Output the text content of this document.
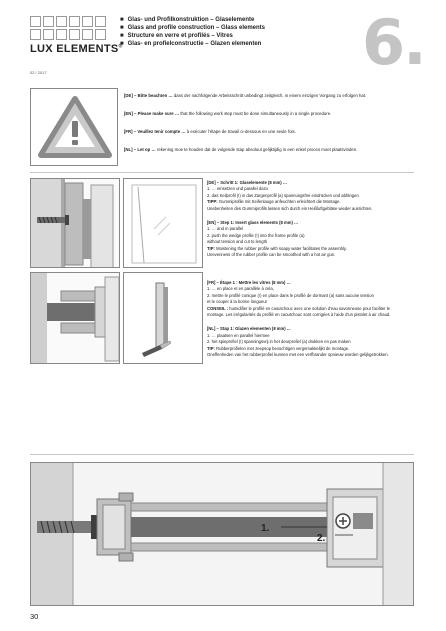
LUX ELEMENTS®
■ Glas- und Profilkonstruktion – Glaselemente
■ Glass and profile construction – Glass elements
■ Structure en verre et profilés – Vitres
■ Glas- en profielconstructie – Glazen elementen	6.
02 / 2017

[DE] – Bitte beachten … dass der nachfolgende Arbeitsschritt unbedingt zeitgleich, in einem einzigen Vorgang zu erfolgen hat.

[EN] – Please make sure … that the following work step must be done simultaneously in a single procedure.

[FR] – Veuillez tenir compte … à exécuter l'étape de travail ci-dessous en une seule fois.

[NL] – Let op … rekening moe te houden dat de volgende stap absoluut gelijktijdig in een enkel proces moet plaatsvinden.

[DE] – Schritt 1: Glaselemente (8 mm) …

1. … einsetzen und parallel dazu

2. das Keilprofil (!) in das Zargenprofil (a) spannungsfrei eindrücken und abfängen

TIPP: Gummiprofile mit Seifenlauge anfeuchten erleichtert die Montage.

Unebenheiten des Gummiprofils lassen sich durch ein Heißluftgebläse wieder ausrichten.

[EN] – Step 1: Insert glass elements (8 mm) …

1. … and in parallel

2. push the wedge profile (!) into the frame profile (a)

without tension and cut to length

TIP: Moistening the rubber profile with soapy water facilitates the assembly.

Unevenness of the rubber profile can be smoothed with a hot air gun.

[FR] – Étape 1 : Mettre les vitres (8 mm) …

1. … en place et en parallèle à cela,

2. mettre le profilé conique (!) en place dans le profilé de dormant (a) sans aucune tension

et le couper à la bonne longueur

CONSEIL : humidifier le profilé en caoutchouc avec une solution d'eau savonneuse pour faciliter le

montage. Les irrégularités du profilé en caoutchouc sont corrigées à l'aide d'un pistolet à air chaud.

[NL] – Stap 1: Glazen elementen (8 mm) …

1. … plaatsen en parallel hiermee

2. het spieprofiel (!) spanningsvrij in het deurprofiel (a) drukken en pas maken

TIP: Rubberprofielen met zeepsop bevochtigen vergemakkelijkt de montage.

Oneffenheden van het rubberprofiel kunnen met een verfbrander opnieuw worden gelijkgetrokken.

1.
2.
30
